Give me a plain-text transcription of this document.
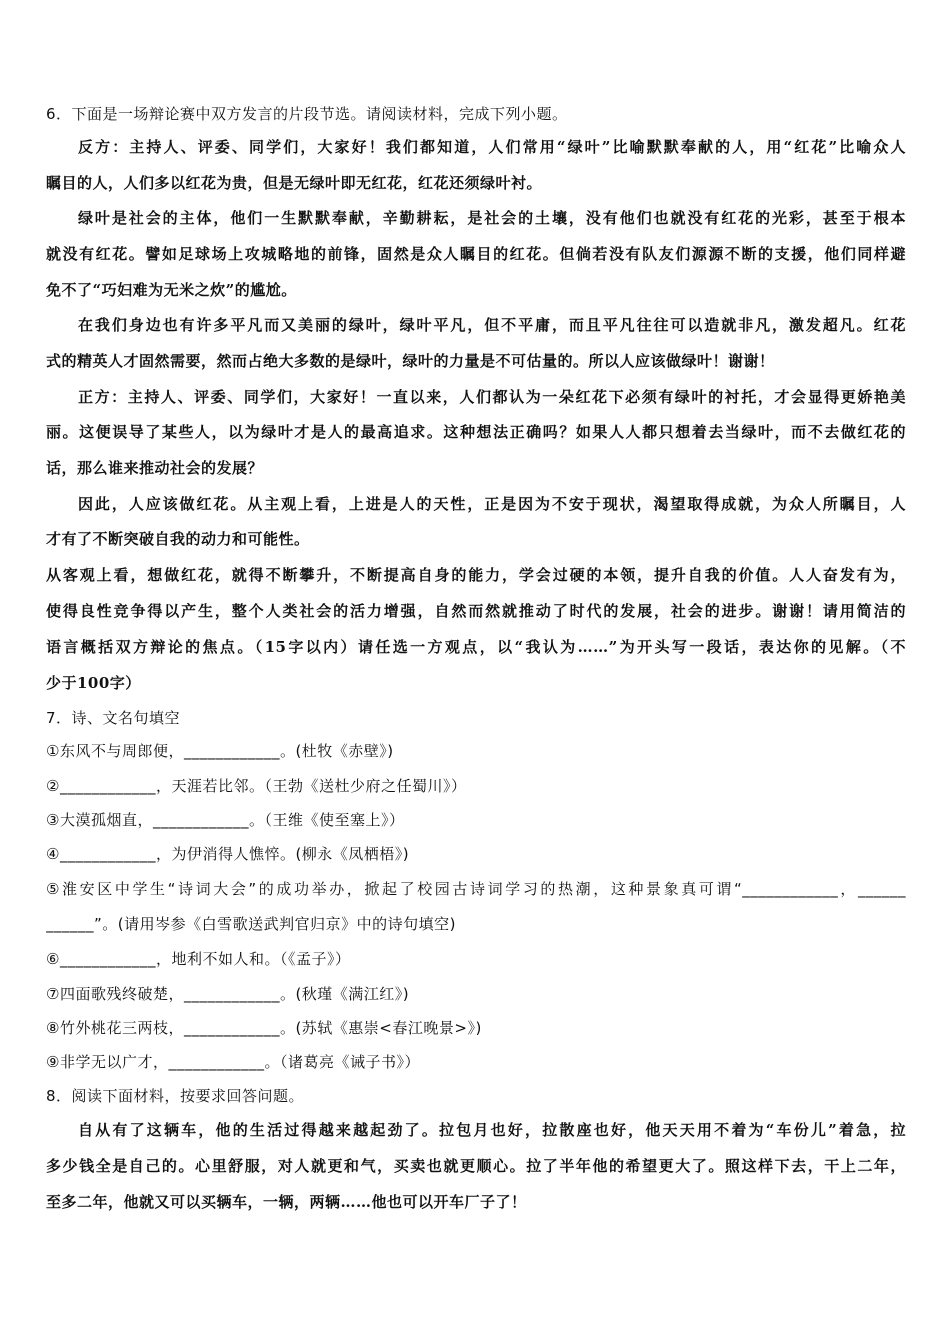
6．下面是一场辩论赛中双方发言的片段节选。请阅读材料，完成下列小题。
反方：主持人、评委、同学们，大家好！我们都知道，人们常用“绿叶”比喻默默奉献的人，用“红花”比喻众人
瞩目的人，人们多以红花为贵，但是无绿叶即无红花，红花还须绿叶衬。
绿叶是社会的主体，他们一生默默奉献，辛勤耕耘，是社会的土壤，没有他们也就没有红花的光彩，甚至于根本
就没有红花。譬如足球场上攻城略地的前锋，固然是众人瞩目的红花。但倘若没有队友们源源不断的支援，他们同样避
免不了“巧妇难为无米之炊”的尴尬。
在我们身边也有许多平凡而又美丽的绿叶，绿叶平凡，但不平庸，而且平凡往往可以造就非凡，激发超凡。红花
式的精英人才固然需要，然而占绝大多数的是绿叶，绿叶的力量是不可估量的。所以人应该做绿叶！谢谢！
正方：主持人、评委、同学们，大家好！一直以来，人们都认为一朵红花下必须有绿叶的衬托，才会显得更娇艳美
丽。这便误导了某些人，以为绿叶才是人的最高追求。这种想法正确吗？如果人人都只想着去当绿叶，而不去做红花的
话，那么谁来推动社会的发展？
因此，人应该做红花。从主观上看，上进是人的天性，正是因为不安于现状，渴望取得成就，为众人所瞩目，人
才有了不断突破自我的动力和可能性。
从客观上看，想做红花，就得不断攀升，不断提高自身的能力，学会过硬的本领，提升自我的价值。人人奋发有为，
使得良性竞争得以产生，整个人类社会的活力增强，自然而然就推动了时代的发展，社会的进步。谢谢！请用简洁的
语言概括双方辩论的焦点。（15字以内）请任选一方观点，以“我认为……”为开头写一段话，表达你的见解。（不
少于100字）
7．诗、文名句填空
①东风不与周郎便，____________。(杜牧《赤壁》)
②____________，天涯若比邻。（王勃《送杜少府之任蜀川》）
③大漠孤烟直，____________。（王维《使至塞上》）
④____________，为伊消得人憔悴。(柳永《凤栖梧》)
⑤淮安区中学生“诗词大会”的成功举办，掀起了校园古诗词学习的热潮，这种景象真可谓“____________，______
______”。(请用岑参《白雪歌送武判官归京》中的诗句填空)
⑥____________，地利不如人和。（《孟子》）
⑦四面歌残终破楚，____________。(秋瑾《满江红》)
⑧竹外桃花三两枝，____________。(苏轼《惠崇<春江晚景>》)
⑨非学无以广才，____________。（诸葛亮《诫子书》）
8．阅读下面材料，按要求回答问题。
自从有了这辆车，他的生活过得越来越起劲了。拉包月也好，拉散座也好，他天天用不着为“车份儿”着急，拉
多少钱全是自己的。心里舒服，对人就更和气，买卖也就更顺心。拉了半年他的希望更大了。照这样下去，干上二年，
至多二年，他就又可以买辆车，一辆，两辆……他也可以开车厂子了！
